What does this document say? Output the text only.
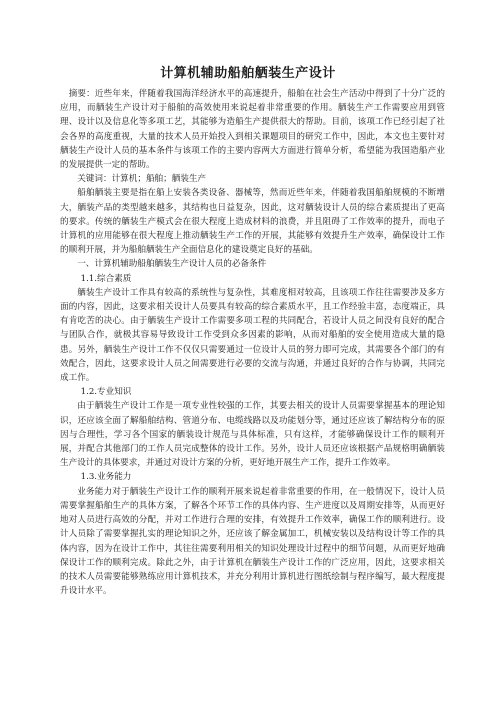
计算机辅助船舶舾装生产设计

摘要：近些年来，伴随着我国海洋经济水平的高速提升，船舶在社会生产活动中得到了十分广泛的应用，而舾装生产设计对于船舶的高效使用来说起着非常重要的作用。舾装生产工作需要应用到管理、设计以及信息化等多项工艺，其能够为造船生产提供很大的帮助。目前，该项工作已经引起了社会各界的高度重视，大量的技术人员开始投入到相关课题项目的研究工作中，因此，本文也主要针对舾装生产设计人员的基本条件与该项工作的主要内容两大方面进行简单分析，希望能为我国造船产业的发展提供一定的帮助。

关键词：计算机；船舶；舾装生产

船舶舾装主要是指在船上安装各类设备、器械等，然而近些年来，伴随着我国船舶规模的不断增大，舾装产品的类型越来越多，其结构也日益复杂，因此，这对舾装设计人员的综合素质提出了更高的要求。传统的舾装生产模式会在很大程度上造成材料的浪费，并且阻碍了工作效率的提升，而电子计算机的应用能够在很大程度上推动舾装生产工作的开展，其能够有效提升生产效率，确保设计工作的顺利开展，并为船舶舾装生产全面信息化的建设奠定良好的基础。

一、计算机辅助船舶舾装生产设计人员的必备条件

1.1.综合素质

舾装生产设计工作具有较高的系统性与复杂性，其难度相对较高，且该项工作往往需要涉及多方面的内容，因此，这要求相关设计人员要具有较高的综合素质水平，且工作经验丰富，态度端正，具有肯吃苦的决心。由于舾装生产设计工作需要多项工程的共同配合，若设计人员之间没有良好的配合与团队合作，就极其容易导致设计工作受到众多因素的影响，从而对船舶的安全使用造成大量的隐患。另外，舾装生产设计工作不仅仅只需要通过一位设计人员的努力即可完成，其需要各个部门的有效配合，因此，这要求设计人员之间需要进行必要的交流与沟通，并通过良好的合作与协调，共同完成工作。

1.2.专业知识

由于舾装生产设计工作是一项专业性较强的工作，其要去相关的设计人员需要掌握基本的理论知识，还应该全面了解船舶结构、管道分布、电缆线路以及功能划分等，通过还应该了解结构分布的原因与合理性，学习各个国家的舾装设计规范与具体标准，只有这样，才能够确保设计工作的顺利开展，并配合其他部门的工作人员完成整体的设计工作。另外，设计人员还应该根据产品规格明确舾装生产设计的具体要求，并通过对设计方案的分析，更好地开展生产工作，提升工作效率。

1.3.业务能力

业务能力对于舾装生产设计工作的顺利开展来说起着非常重要的作用，在一般情况下，设计人员需要掌握船舶生产的具体方案，了解各个环节工作的具体内容、生产进度以及周期安排等，从而更好地对人员进行高效的分配，并对工作进行合理的安排，有效提升工作效率，确保工作的顺利进行。设计人员除了需要掌握扎实的理论知识之外，还应该了解金属加工，机械安装以及结构设计等工作的具体内容，因为在设计工作中，其往往需要利用相关的知识处理设计过程中的细节问题，从而更好地确保设计工作的顺利完成。除此之外，由于计算机在舾装生产设计工作的广泛应用，因此，这要求相关的技术人员需要能够熟练应用计算机技术，并充分利用计算机进行图纸绘制与程序编写，最大程度提升设计水平。
